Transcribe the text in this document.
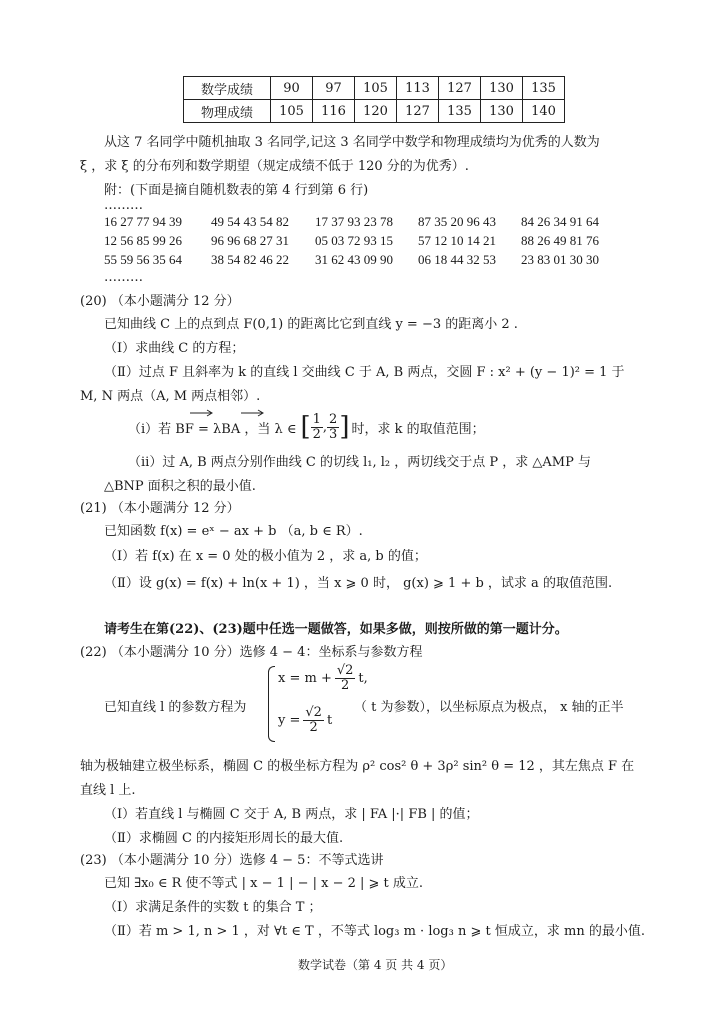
数学成绩	90	97	105	113	127	130	135
物理成绩	105	116	120	127	135	130	140
从这 7 名同学中随机抽取 3 名同学,记这 3 名同学中数学和物理成绩均为优秀的人数为
ξ ，求 ξ 的分布列和数学期望（规定成绩不低于 120 分的为优秀）.
附：(下面是摘自随机数表的第 4 行到第 6 行)
………
16 27 77 94 39 49 54 43 54 82 17 37 93 23 78 87 35 20 96 43 84 26 34 91 64
12 56 85 99 26 96 96 68 27 31 05 03 72 93 15 57 12 10 14 21 88 26 49 81 76
55 59 56 35 64 38 54 82 46 22 31 62 43 09 90 06 18 44 32 53 23 83 01 30 30
………
(20) （本小题满分 12 分）
已知曲线 C 上的点到点 F(0,1) 的距离比它到直线 y = −3 的距离小 2 .
（Ⅰ）求曲线 C 的方程；
（Ⅱ）过点 F 且斜率为 k 的直线 l 交曲线 C 于 A, B 两点，交圆 F : x² + (y − 1)² = 1 于
M, N 两点（A, M 两点相邻）.
（ⅰ）若 BF = λBA ，当 λ ∈ [ $\frac{1}{2}$ , $\frac{2}{3}$ ] 时，求 k 的取值范围；
（ⅱ）过 A, B 两点分别作曲线 C 的切线 l₁, l₂ ，两切线交于点 P ，求 △AMP 与
△BNP 面积之积的最小值.
(21) （本小题满分 12 分）
已知函数 f(x) = eˣ − ax + b （a, b ∈ R）.
（Ⅰ）若 f(x) 在 x = 0 处的极小值为 2 ，求 a, b 的值；
（Ⅱ）设 g(x) = f(x) + ln(x + 1) ，当 x ⩾ 0 时， g(x) ⩾ 1 + b ，试求 a 的取值范围.
请考生在第(22)、(23)题中任选一题做答，如果多做，则按所做的第一题计分。
(22) （本小题满分 10 分）选修 4 − 4：坐标系与参数方程
已知直线 l 的参数方程为
$x = m + \frac{√2}{2} t$,
$y = \frac{√2}{2}$ t
（ t 为参数），以坐标原点为极点， x 轴的正半
轴为极轴建立极坐标系，椭圆 C 的极坐标方程为 ρ² cos² θ + 3ρ² sin² θ = 12 ，其左焦点 F 在
直线 l 上.
（Ⅰ）若直线 l 与椭圆 C 交于 A, B 两点，求 | FA |·| FB | 的值；
（Ⅱ）求椭圆 C 的内接矩形周长的最大值.
(23) （本小题满分 10 分）选修 4 − 5：不等式选讲
已知 ∃x₀ ∈ R 使不等式 | x − 1 | − | x − 2 | ⩾ t 成立.
（Ⅰ）求满足条件的实数 t 的集合 T ；
（Ⅱ）若 m > 1, n > 1 ，对 ∀t ∈ T ，不等式 log₃ m · log₃ n ⩾ t 恒成立，求 mn 的最小值.
数学试卷（第 4 页 共 4 页）
